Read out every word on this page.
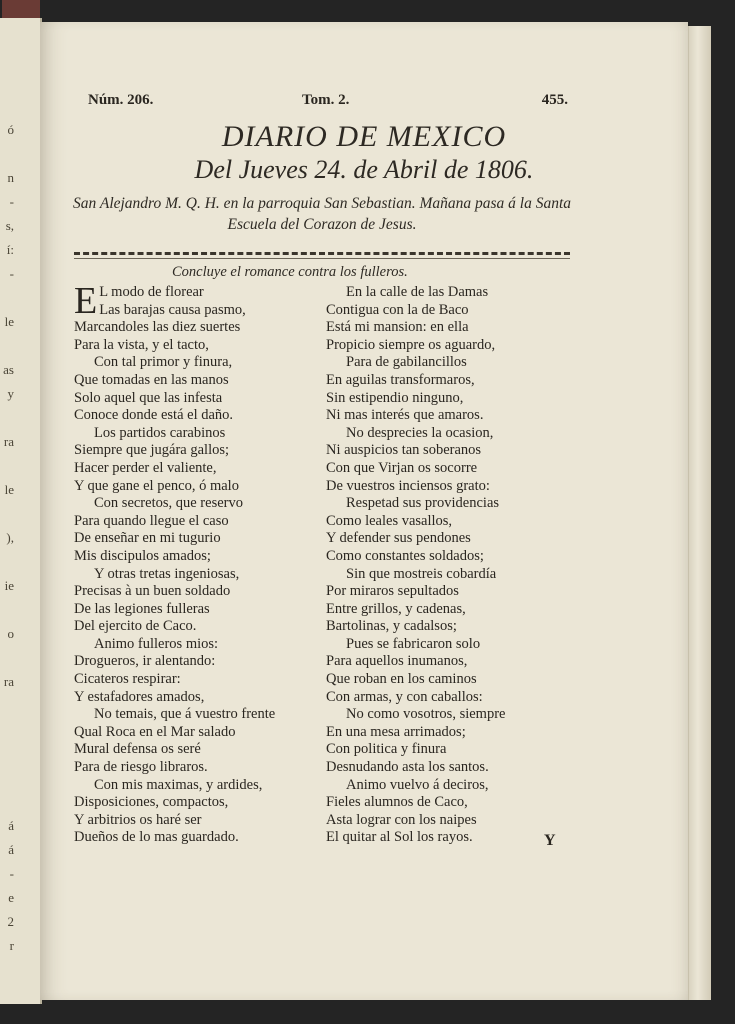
ó
n
-
s,
í:
-
le
as
y
ra
le
),
ie
o
ra
á
á
-
e
2
r
Núm. 206.	Tom. 2.	455.
DIARIO DE MEXICO
Del Jueves 24. de Abril de 1806.
San Alejandro M. Q. H. en la parroquia San Sebastian. Mañana pasa á la Santa Escuela del Corazon de Jesus.
Concluye el romance contra los fulleros.
E L modo de florear
Las barajas causa pasmo,
Marcandoles las diez suertes
Para la vista, y el tacto,
Con tal primor y finura,
Que tomadas en las manos
Solo aquel que las infesta
Conoce donde está el daño.
Los partidos carabinos
Siempre que jugára gallos;
Hacer perder el valiente,
Y que gane el penco, ó malo
Con secretos, que reservo
Para quando llegue el caso
De enseñar en mi tugurio
Mis discipulos amados;
Y otras tretas ingeniosas,
Precisas à un buen soldado
De las legiones fulleras
Del ejercito de Caco.
Animo fulleros mios:
Drogueros, ir alentando:
Cicateros respirar:
Y estafadores amados,
No temais, que á vuestro frente
Qual Roca en el Mar salado
Mural defensa os seré
Para de riesgo libraros.
Con mis maximas, y ardides,
Disposiciones, compactos,
Y arbitrios os haré ser
Dueños de lo mas guardado.
En la calle de las Damas
Contigua con la de Baco
Está mi mansion: en ella
Propicio siempre os aguardo,
Para de gabilancillos
En aguilas transformaros,
Sin estipendio ninguno,
Ni mas interés que amaros.
No desprecies la ocasion,
Ni auspicios tan soberanos
Con que Virjan os socorre
De vuestros inciensos grato:
Respetad sus providencias
Como leales vasallos,
Y defender sus pendones
Como constantes soldados;
Sin que mostreis cobardía
Por miraros sepultados
Entre grillos, y cadenas,
Bartolinas, y cadalsos;
Pues se fabricaron solo
Para aquellos inumanos,
Que roban en los caminos
Con armas, y con caballos:
No como vosotros, siempre
En una mesa arrimados;
Con politica y finura
Desnudando asta los santos.
Animo vuelvo á deciros,
Fieles alumnos de Caco,
Asta lograr con los naipes
El quitar al Sol los rayos.	Y
